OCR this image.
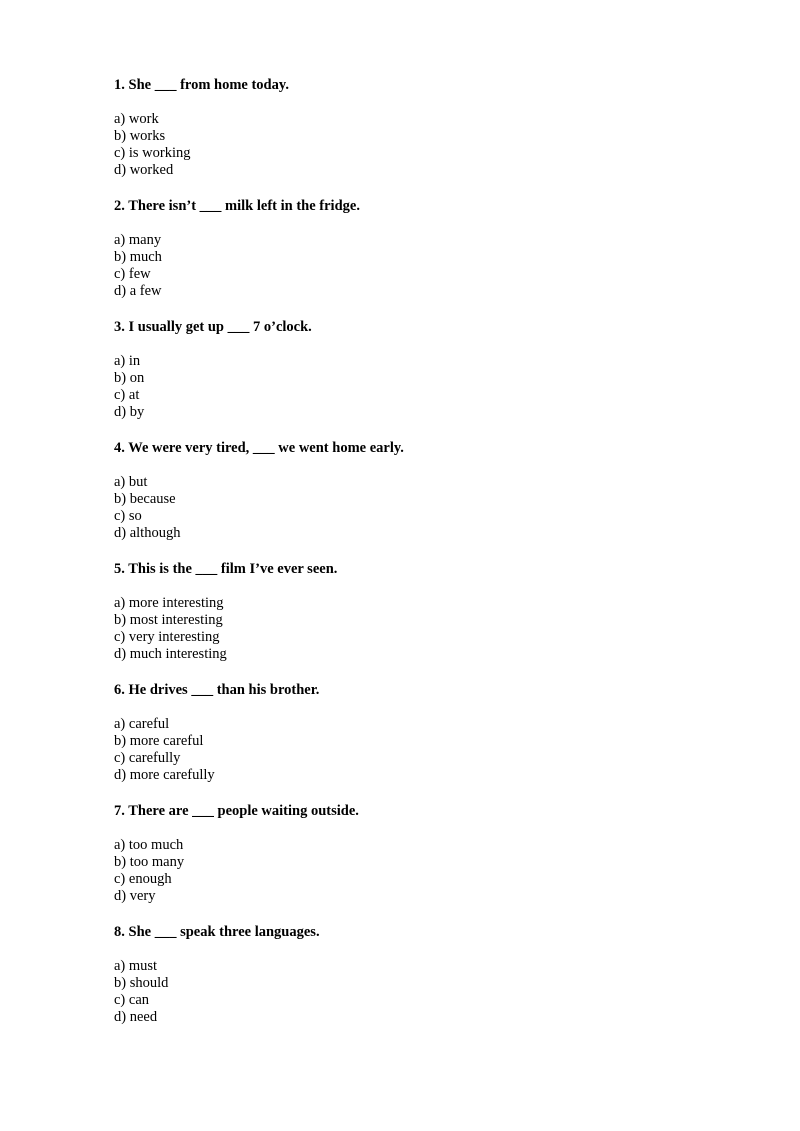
1. She ___ from home today.
a) work
b) works
c) is working
d) worked
2. There isn’t ___ milk left in the fridge.
a) many
b) much
c) few
d) a few
3. I usually get up ___ 7 o’clock.
a) in
b) on
c) at
d) by
4. We were very tired, ___ we went home early.
a) but
b) because
c) so
d) although
5. This is the ___ film I’ve ever seen.
a) more interesting
b) most interesting
c) very interesting
d) much interesting
6. He drives ___ than his brother.
a) careful
b) more careful
c) carefully
d) more carefully
7. There are ___ people waiting outside.
a) too much
b) too many
c) enough
d) very
8. She ___ speak three languages.
a) must
b) should
c) can
d) need
